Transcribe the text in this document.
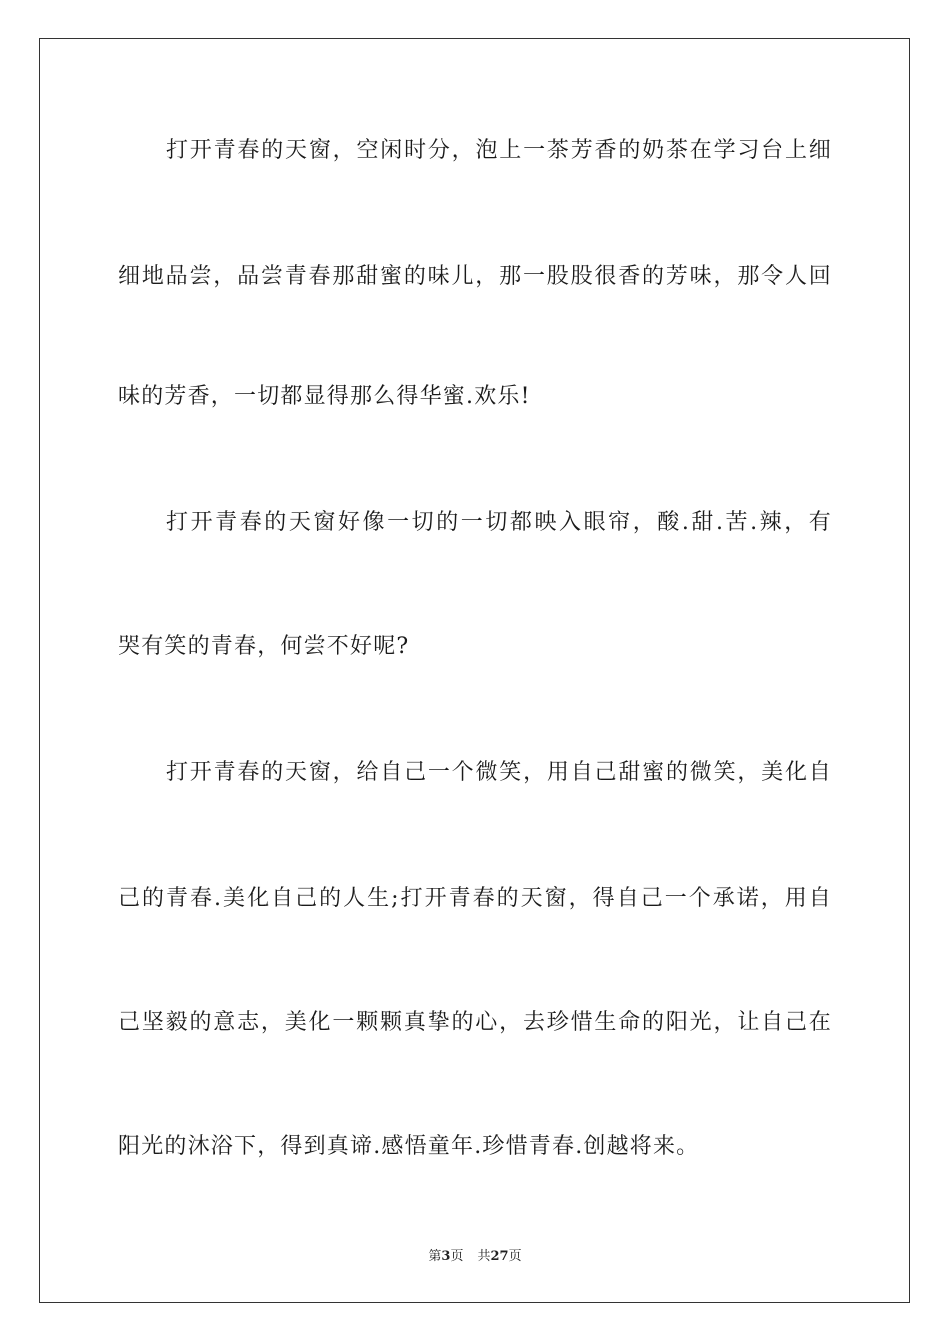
打开青春的天窗，空闲时分，泡上一茶芳香的奶茶在学习台上细
细地品尝，品尝青春那甜蜜的味儿，那一股股很香的芳味，那令人回
味的芳香，一切都显得那么得华蜜.欢乐!
打开青春的天窗好像一切的一切都映入眼帘，酸.甜.苦.辣，有
哭有笑的青春，何尝不好呢?
打开青春的天窗，给自己一个微笑，用自己甜蜜的微笑，美化自
己的青春.美化自己的人生;打开青春的天窗，得自己一个承诺，用自
己坚毅的意志，美化一颗颗真挚的心，去珍惜生命的阳光，让自己在
阳光的沐浴下，得到真谛.感悟童年.珍惜青春.创越将来。
第3页 共27页
